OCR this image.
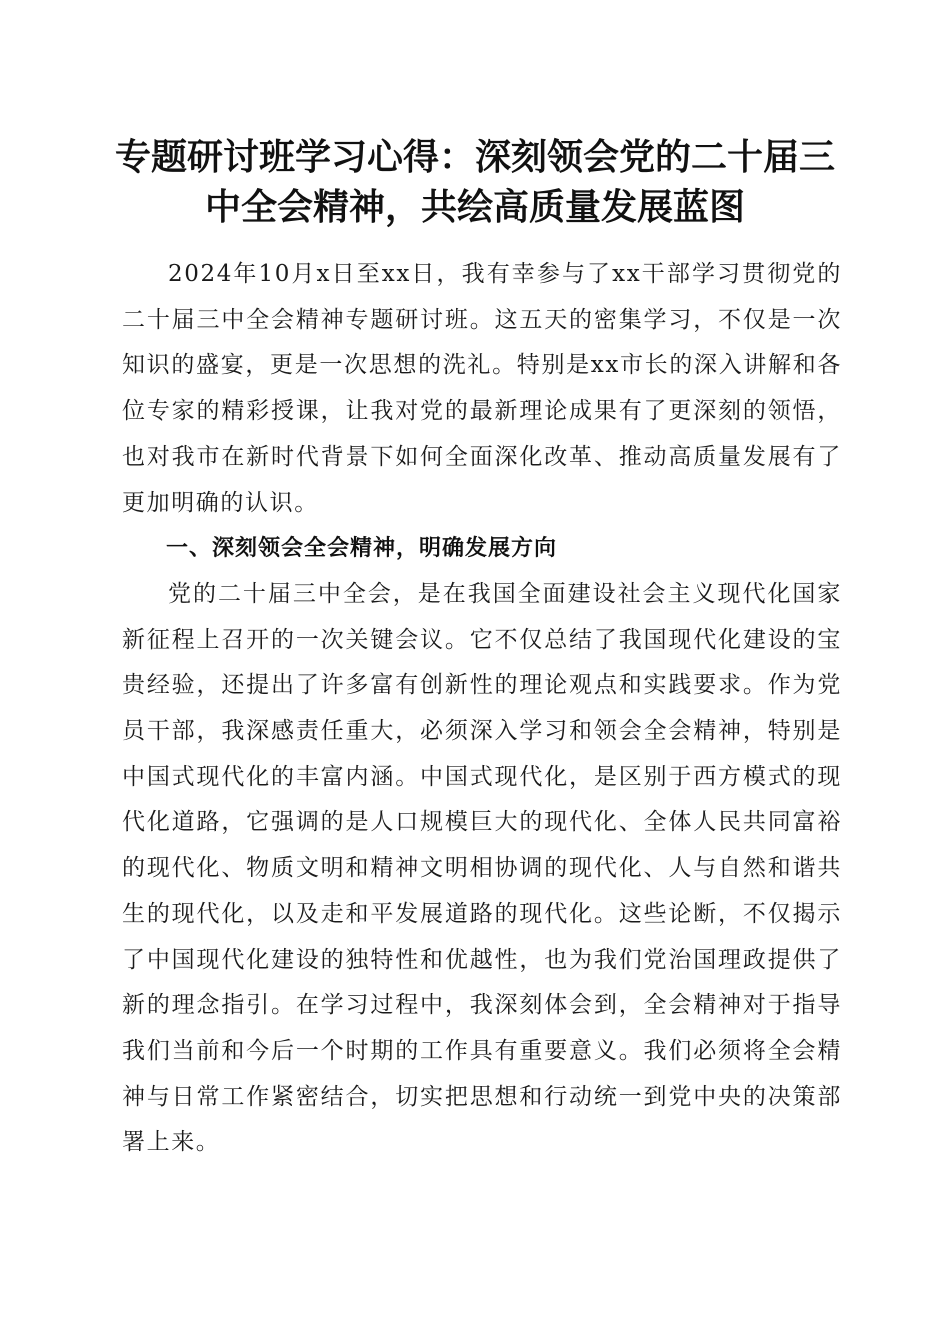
专题研讨班学习心得：深刻领会党的二十届三
中全会精神，共绘高质量发展蓝图

2024年10月x日至xx日，我有幸参与了xx干部学习贯彻党的二十届三中全会精神专题研讨班。这五天的密集学习，不仅是一次知识的盛宴，更是一次思想的洗礼。特别是xx市长的深入讲解和各位专家的精彩授课，让我对党的最新理论成果有了更深刻的领悟，也对我市在新时代背景下如何全面深化改革、推动高质量发展有了更加明确的认识。

一、深刻领会全会精神，明确发展方向

党的二十届三中全会，是在我国全面建设社会主义现代化国家新征程上召开的一次关键会议。它不仅总结了我国现代化建设的宝贵经验，还提出了许多富有创新性的理论观点和实践要求。作为党员干部，我深感责任重大，必须深入学习和领会全会精神，特别是中国式现代化的丰富内涵。中国式现代化，是区别于西方模式的现代化道路，它强调的是人口规模巨大的现代化、全体人民共同富裕的现代化、物质文明和精神文明相协调的现代化、人与自然和谐共生的现代化，以及走和平发展道路的现代化。这些论断，不仅揭示了中国现代化建设的独特性和优越性，也为我们党治国理政提供了新的理念指引。在学习过程中，我深刻体会到，全会精神对于指导我们当前和今后一个时期的工作具有重要意义。我们必须将全会精神与日常工作紧密结合，切实把思想和行动统一到党中央的决策部署上来。
